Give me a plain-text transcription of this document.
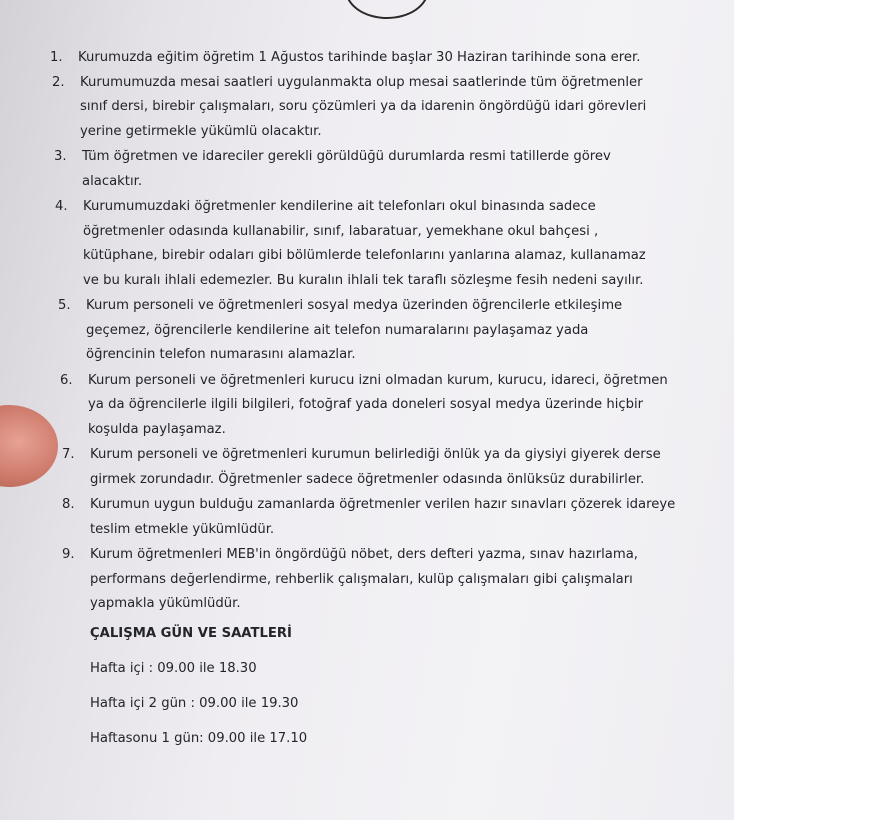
1. Kurumuzda eğitim öğretim 1 Ağustos tarihinde başlar 30 Haziran tarihinde sona erer.

2. Kurumumuzda mesai saatleri uygulanmakta olup mesai saatlerinde tüm öğretmenler

sınıf dersi, birebir çalışmaları, soru çözümleri ya da idarenin öngördüğü idari görevleri

yerine getirmekle yükümlü olacaktır.

3. Tüm öğretmen ve idareciler gerekli görüldüğü durumlarda resmi tatillerde görev

alacaktır.

4. Kurumumuzdaki öğretmenler kendilerine ait telefonları okul binasında sadece

öğretmenler odasında kullanabilir, sınıf, labaratuar, yemekhane okul bahçesi ,

kütüphane, birebir odaları gibi bölümlerde telefonlarını yanlarına alamaz, kullanamaz

ve bu kuralı ihlali edemezler. Bu kuralın ihlali tek taraflı sözleşme fesih nedeni sayılır.

5. Kurum personeli ve öğretmenleri sosyal medya üzerinden öğrencilerle etkileşime

geçemez, öğrencilerle kendilerine ait telefon numaralarını paylaşamaz yada

öğrencinin telefon numarasını alamazlar.

6. Kurum personeli ve öğretmenleri kurucu izni olmadan kurum, kurucu, idareci, öğretmen

ya da öğrencilerle ilgili bilgileri, fotoğraf yada doneleri sosyal medya üzerinde hiçbir

koşulda paylaşamaz.

7. Kurum personeli ve öğretmenleri kurumun belirlediği önlük ya da giysiyi giyerek derse

girmek zorundadır. Öğretmenler sadece öğretmenler odasında önlüksüz durabilirler.

8. Kurumun uygun bulduğu zamanlarda öğretmenler verilen hazır sınavları çözerek idareye

teslim etmekle yükümlüdür.

9. Kurum öğretmenleri MEB'in öngördüğü nöbet, ders defteri yazma, sınav hazırlama,

performans değerlendirme, rehberlik çalışmaları, kulüp çalışmaları gibi çalışmaları

yapmakla yükümlüdür.

ÇALIŞMA GÜN VE SAATLERİ

Hafta içi : 09.00 ile 18.30

Hafta içi 2 gün : 09.00 ile 19.30

Haftasonu 1 gün: 09.00 ile 17.10
